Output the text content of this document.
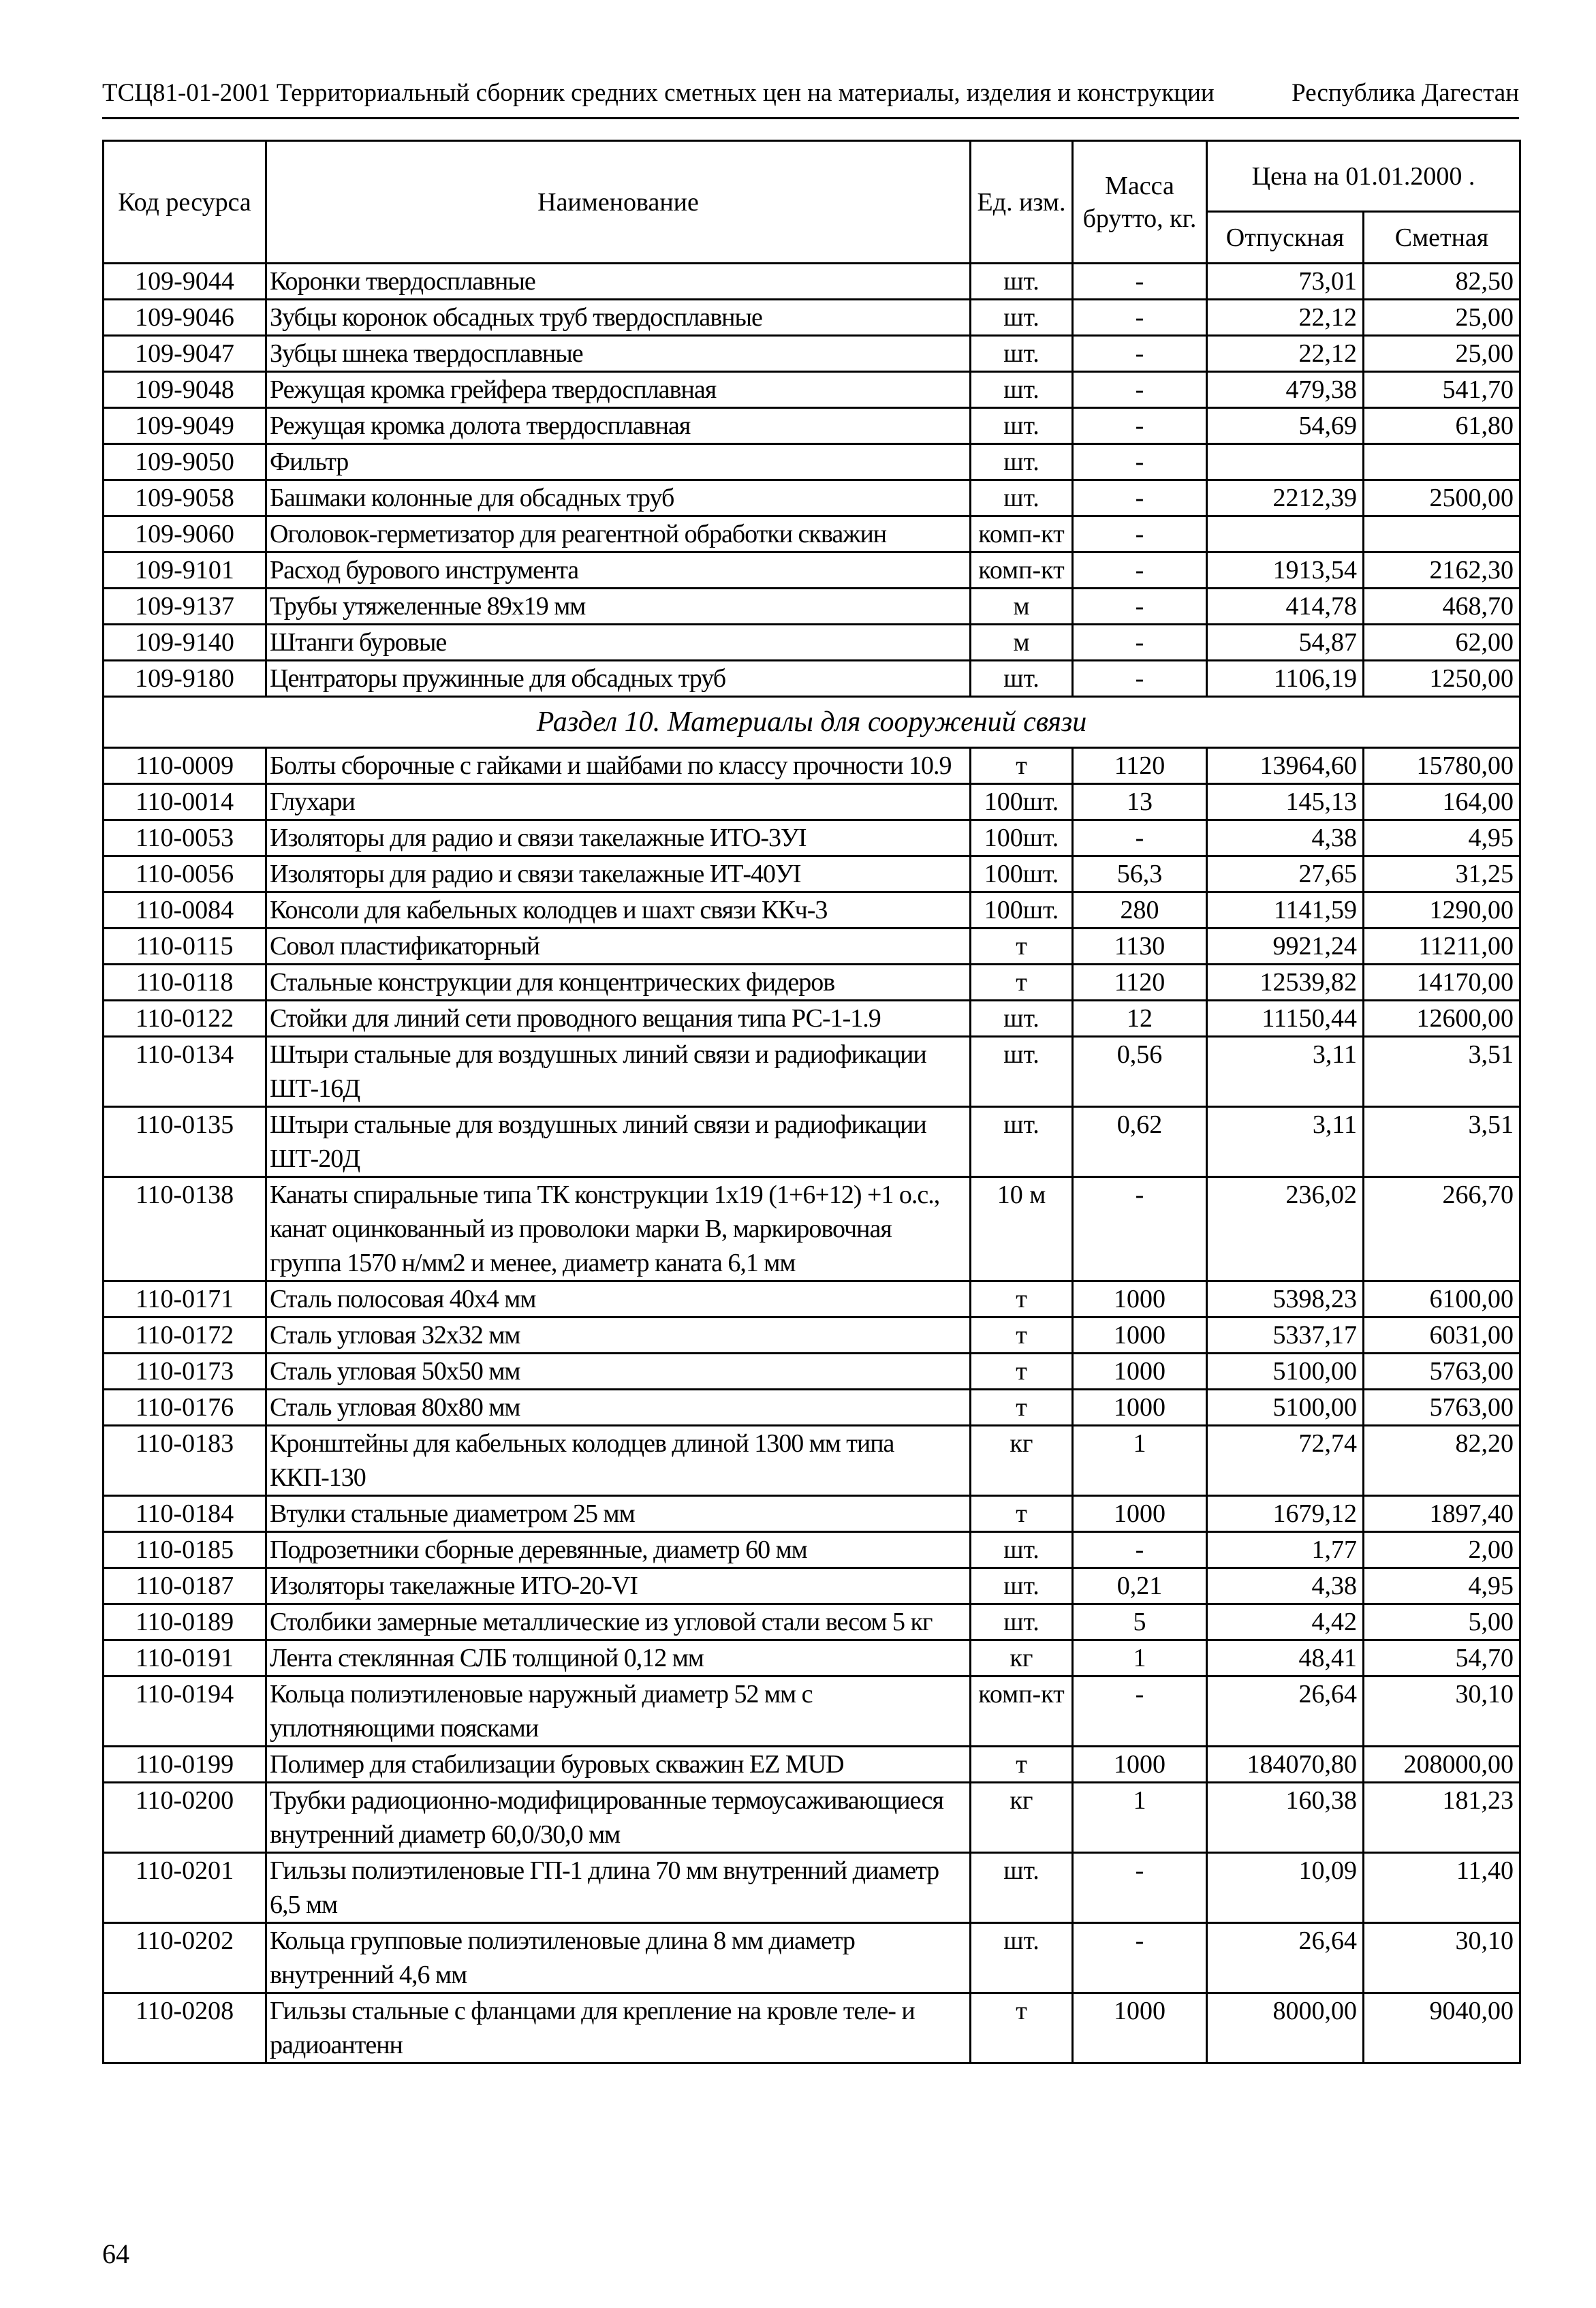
ТСЦ81-01-2001 Территориальный сборник средних сметных цен на материалы, изделия и конструкции	Республика Дагестан
Код ресурса	Наименование	Ед. изм.	Масса брутто, кг.	Цена на 01.01.2000 .	
				Отпускная	Сметная
109-9044	Коронки твердосплавные	шт.	-	73,01	82,50
109-9046	Зубцы коронок обсадных труб твердосплавные	шт.	-	22,12	25,00
109-9047	Зубцы шнека твердосплавные	шт.	-	22,12	25,00
109-9048	Режущая кромка грейфера твердосплавная	шт.	-	479,38	541,70
109-9049	Режущая кромка долота твердосплавная	шт.	-	54,69	61,80
109-9050	Фильтр	шт.	-		
109-9058	Башмаки колонные для обсадных труб	шт.	-	2212,39	2500,00
109-9060	Оголовок-герметизатор для реагентной обработки скважин	комп-кт	-		
109-9101	Расход бурового инструмента	комп-кт	-	1913,54	2162,30
109-9137	Трубы утяжеленные 89х19 мм	м	-	414,78	468,70
109-9140	Штанги буровые	м	-	54,87	62,00
109-9180	Центраторы пружинные для обсадных труб	шт.	-	1106,19	1250,00
Раздел 10. Материалы для сооружений связи					
110-0009	Болты сборочные с гайками и шайбами по классу прочности 10.9	т	1120	13964,60	15780,00
110-0014	Глухари	100шт.	13	145,13	164,00
110-0053	Изоляторы для радио и связи такелажные ИТО-3УI	100шт.	-	4,38	4,95
110-0056	Изоляторы для радио и связи такелажные ИТ-40УI	100шт.	56,3	27,65	31,25
110-0084	Консоли для кабельных колодцев и шахт связи ККч-3	100шт.	280	1141,59	1290,00
110-0115	Совол пластификаторный	т	1130	9921,24	11211,00
110-0118	Стальные конструкции для концентрических фидеров	т	1120	12539,82	14170,00
110-0122	Стойки для линий сети проводного вещания типа РС-1-1.9	шт.	12	11150,44	12600,00
110-0134	Штыри стальные для воздушных линий связи и радиофикации ШТ-16Д	шт.	0,56	3,11	3,51
110-0135	Штыри стальные для воздушных линий связи и радиофикации ШТ-20Д	шт.	0,62	3,11	3,51
110-0138	Канаты спиральные типа ТК конструкции 1х19 (1+6+12) +1 о.с., канат оцинкованный из проволоки марки В, маркировочная группа 1570 н/мм2 и менее, диаметр каната 6,1 мм	10 м	-	236,02	266,70
110-0171	Сталь полосовая 40х4 мм	т	1000	5398,23	6100,00
110-0172	Сталь угловая 32х32 мм	т	1000	5337,17	6031,00
110-0173	Сталь угловая 50х50 мм	т	1000	5100,00	5763,00
110-0176	Сталь угловая 80х80 мм	т	1000	5100,00	5763,00
110-0183	Кронштейны для кабельных колодцев длиной 1300 мм типа ККП-130	кг	1	72,74	82,20
110-0184	Втулки стальные диаметром 25 мм	т	1000	1679,12	1897,40
110-0185	Подрозетники сборные деревянные, диаметр 60 мм	шт.	-	1,77	2,00
110-0187	Изоляторы такелажные ИТО-20-VI	шт.	0,21	4,38	4,95
110-0189	Столбики замерные металлические из угловой стали весом 5 кг	шт.	5	4,42	5,00
110-0191	Лента стеклянная СЛБ толщиной 0,12 мм	кг	1	48,41	54,70
110-0194	Кольца полиэтиленовые наружный диаметр 52 мм с уплотняющими поясками	комп-кт	-	26,64	30,10
110-0199	Полимер для стабилизации буровых скважин EZ MUD	т	1000	184070,80	208000,00
110-0200	Трубки радиоционно-модифицированные термоусаживающиеся внутренний диаметр 60,0/30,0 мм	кг	1	160,38	181,23
110-0201	Гильзы полиэтиленовые ГП-1 длина 70 мм внутренний диаметр 6,5 мм	шт.	-	10,09	11,40
110-0202	Кольца групповые полиэтиленовые длина 8 мм диаметр внутренний 4,6 мм	шт.	-	26,64	30,10
110-0208	Гильзы стальные с фланцами для крепление на кровле теле- и радиоантенн	т	1000	8000,00	9040,00
64
